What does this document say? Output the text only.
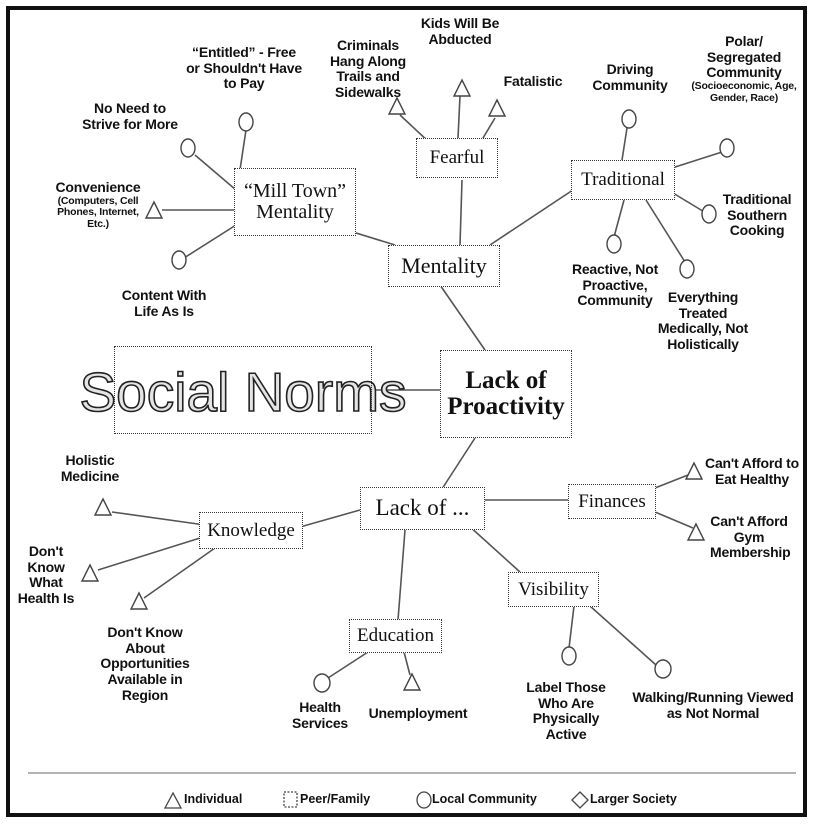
Social Norms	Lack of Proactivity
Mentality
Lack of ...
“Mill Town”
Mentality
Fearful
Traditional
Knowledge
Finances
Visibility
Education
“Entitled” - Free or Shouldn't Have to Pay
No Need to Strive for More
Convenience
(Computers, Cell Phones, Internet, Etc.)
Content With Life As Is
Criminals Hang Along Trails and Sidewalks
Kids Will Be Abducted
Fatalistic
Driving Community
Polar/ Segregated Community
(Socioeconomic, Age, Gender, Race)
Traditional Southern Cooking
Reactive, Not Proactive, Community	Everything Treated Medically, Not Holistically
Holistic Medicine
Don't Know What Health Is
Don't Know About Opportunities Available in Region
Health Services
Unemployment
Label Those Who Are Physically Active
Walking/Running Viewed as Not Normal
Can't Afford to Eat Healthy
Can't Afford Gym Membership
Individual	Peer/Family	Local Community	Larger Society
